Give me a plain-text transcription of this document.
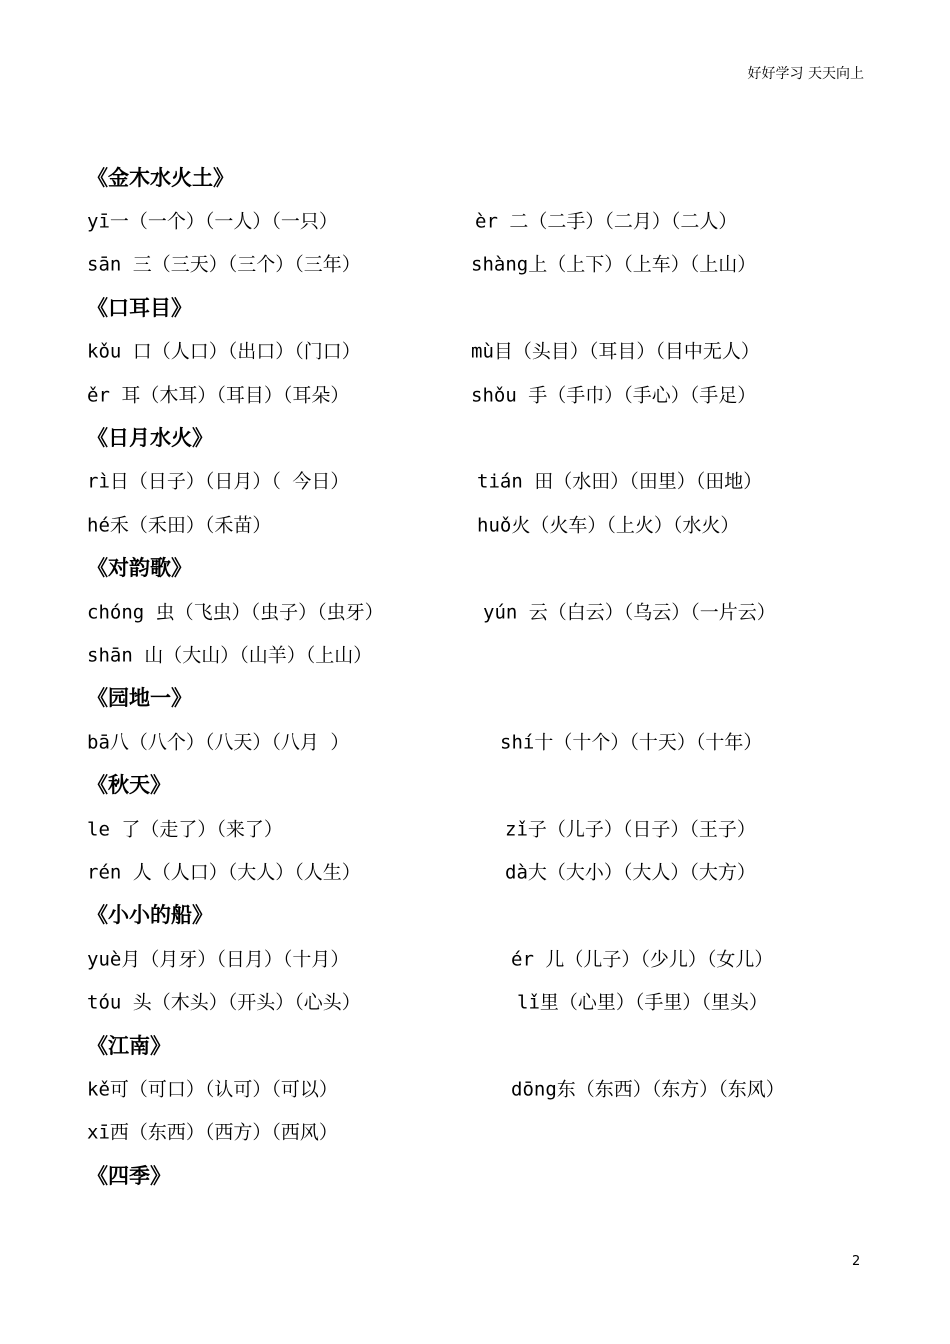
好好学习 天天向上
《金木水火土》
yī一（一个）（一人）（一只）	èr 二（二手）（二月）（二人）
sān 三（三天）（三个）（三年）	shàng上（上下）（上车）（上山）
《口耳目》
kǒu 口（人口）（出口）（门口）	mù目（头目）（耳目）（目中无人）
ěr 耳（木耳）（耳目）（耳朵）	shǒu 手（手巾）（手心）（手足）
《日月水火》
rì日（日子）（日月）（ 今日）	tián 田（水田）（田里）（田地）
hé禾（禾田）（禾苗）	huǒ火（火车）（上火）（水火）
《对韵歌》
chóng 虫（飞虫）（虫子）（虫牙）	yún 云（白云）（乌云）（一片云）
shān 山（大山）（山羊）（上山）
《园地一》
bā八（八个）（八天）（八月 ）	shí十（十个）（十天）（十年）
《秋天》
le 了（走了）（来了）	zǐ子（儿子）（日子）（王子）
rén 人（人口）（大人）（人生）	dà大（大小）（大人）（大方）
《小小的船》
yuè月（月牙）（日月）（十月）	ér 儿（儿子）（少儿）（女儿）
tóu 头（木头）（开头）（心头）	lǐ里（心里）（手里）（里头）
《江南》
kě可（可口）（认可）（可以）	dōng东（东西）（东方）（东风）
xī西（东西）（西方）（西风）
《四季》
2
